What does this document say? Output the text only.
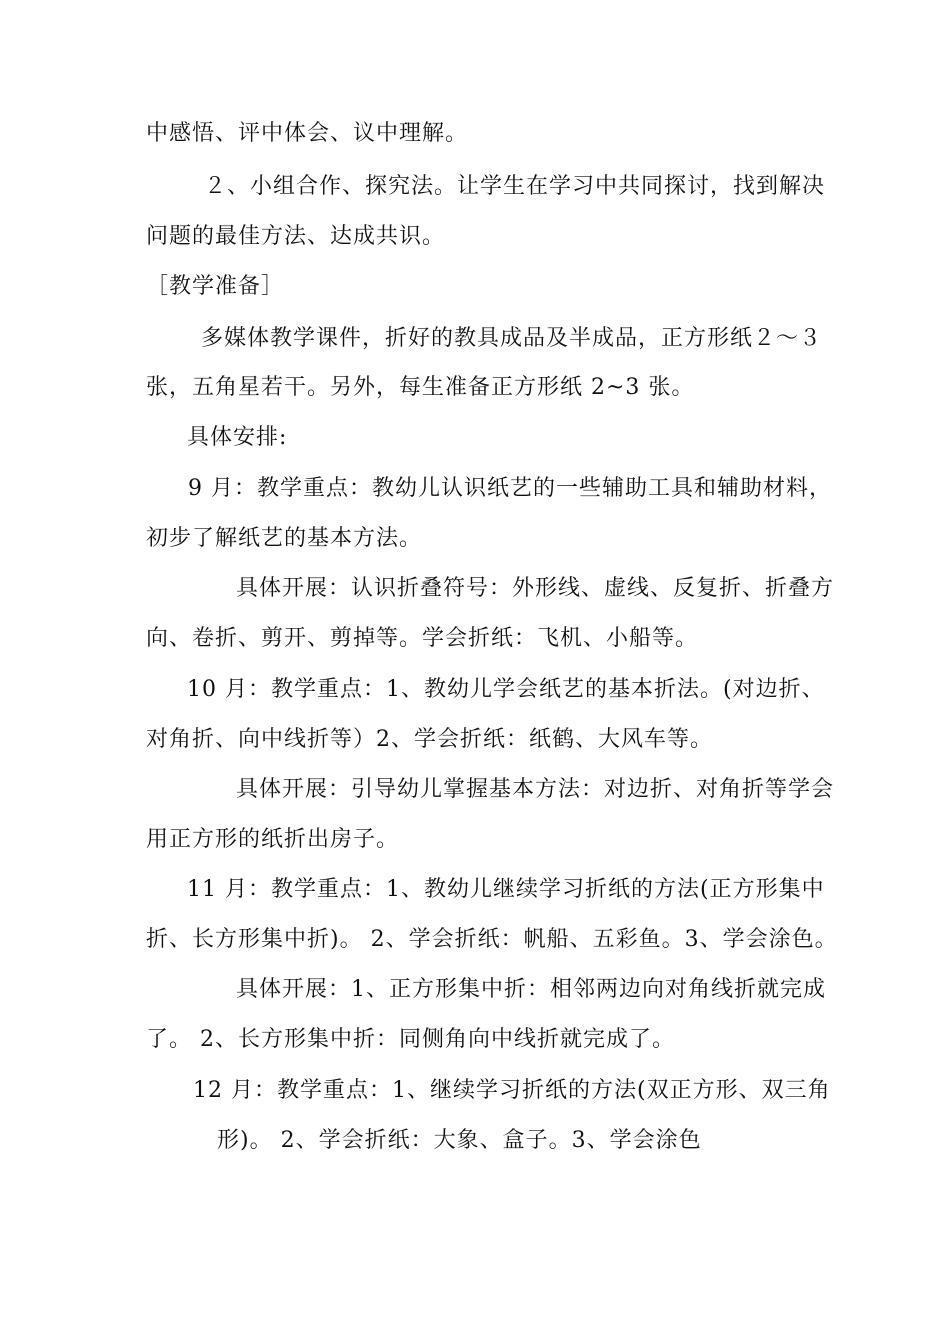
中感悟、评中体会、议中理解。
２、小组合作、探究法。让学生在学习中共同探讨，找到解决
问题的最佳方法、达成共识。
［教学准备］
多媒体教学课件，折好的教具成品及半成品，正方形纸２～３
张，五角星若干。另外，每生准备正方形纸 2~3 张。
具体安排:
9 月：教学重点：教幼儿认识纸艺的一些辅助工具和辅助材料，
初步了解纸艺的基本方法。
具体开展：认识折叠符号：外形线、虚线、反复折、折叠方
向、卷折、剪开、剪掉等。学会折纸：飞机、小船等。
10 月：教学重点：1、教幼儿学会纸艺的基本折法。(对边折、
对角折、向中线折等）2、学会折纸：纸鹤、大风车等。
具体开展：引导幼儿掌握基本方法：对边折、对角折等学会
用正方形的纸折出房子。
11 月：教学重点：1、教幼儿继续学习折纸的方法(正方形集中
折、长方形集中折)。 2、学会折纸：帆船、五彩鱼。3、学会涂色。
具体开展：1、正方形集中折：相邻两边向对角线折就完成
了。 2、长方形集中折：同侧角向中线折就完成了。
12 月：教学重点：1、继续学习折纸的方法(双正方形、双三角
形)。 2、学会折纸：大象、盒子。3、学会涂色
